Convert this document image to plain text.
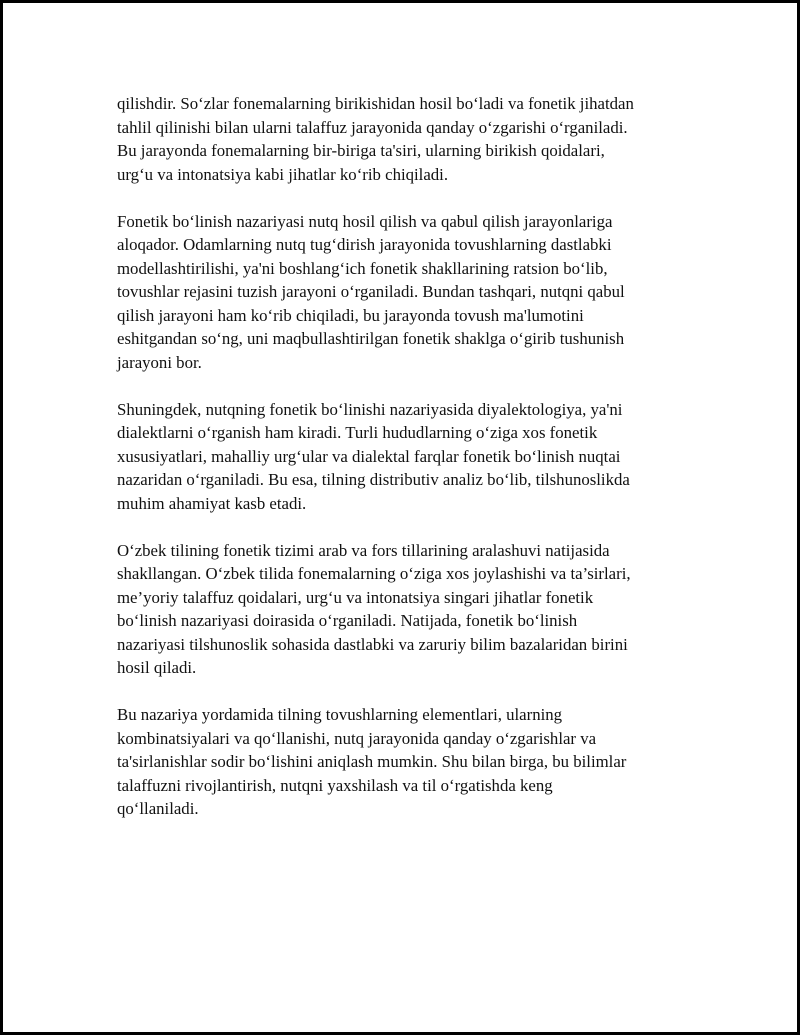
qilishdir. So‘zlar fonemalarning birikishidan hosil bo‘ladi va fonetik jihatdan
tahlil qilinishi bilan ularni talaffuz jarayonida qanday o‘zgarishi o‘rganiladi.
Bu jarayonda fonemalarning bir-biriga ta'siri, ularning birikish qoidalari,
urg‘u va intonatsiya kabi jihatlar ko‘rib chiqiladi.

Fonetik bo‘linish nazariyasi nutq hosil qilish va qabul qilish jarayonlariga
aloqador. Odamlarning nutq tug‘dirish jarayonida tovushlarning dastlabki
modellashtirilishi, ya'ni boshlang‘ich fonetik shakllarining ratsion bo‘lib,
tovushlar rejasini tuzish jarayoni o‘rganiladi. Bundan tashqari, nutqni qabul
qilish jarayoni ham ko‘rib chiqiladi, bu jarayonda tovush ma'lumotini
eshitgandan so‘ng, uni maqbullashtirilgan fonetik shaklga o‘girib tushunish
jarayoni bor.

Shuningdek, nutqning fonetik bo‘linishi nazariyasida diyalektologiya, ya'ni
dialektlarni o‘rganish ham kiradi. Turli hududlarning o‘ziga xos fonetik
xususiyatlari, mahalliy urg‘ular va dialektal farqlar fonetik bo‘linish nuqtai
nazaridan o‘rganiladi. Bu esa, tilning distributiv analiz bo‘lib, tilshunoslikda
muhim ahamiyat kasb etadi.

O‘zbek tilining fonetik tizimi arab va fors tillarining aralashuvi natijasida
shakllangan. O‘zbek tilida fonemalarning o‘ziga xos joylashishi va ta’sirlari,
me’yoriy talaffuz qoidalari, urg‘u va intonatsiya singari jihatlar fonetik
bo‘linish nazariyasi doirasida o‘rganiladi. Natijada, fonetik bo‘linish
nazariyasi tilshunoslik sohasida dastlabki va zaruriy bilim bazalaridan birini
hosil qiladi.

Bu nazariya yordamida tilning tovushlarning elementlari, ularning
kombinatsiyalari va qo‘llanishi, nutq jarayonida qanday o‘zgarishlar va
ta'sirlanishlar sodir bo‘lishini aniqlash mumkin. Shu bilan birga, bu bilimlar
talaffuzni rivojlantirish, nutqni yaxshilash va til o‘rgatishda keng
qo‘llaniladi.
